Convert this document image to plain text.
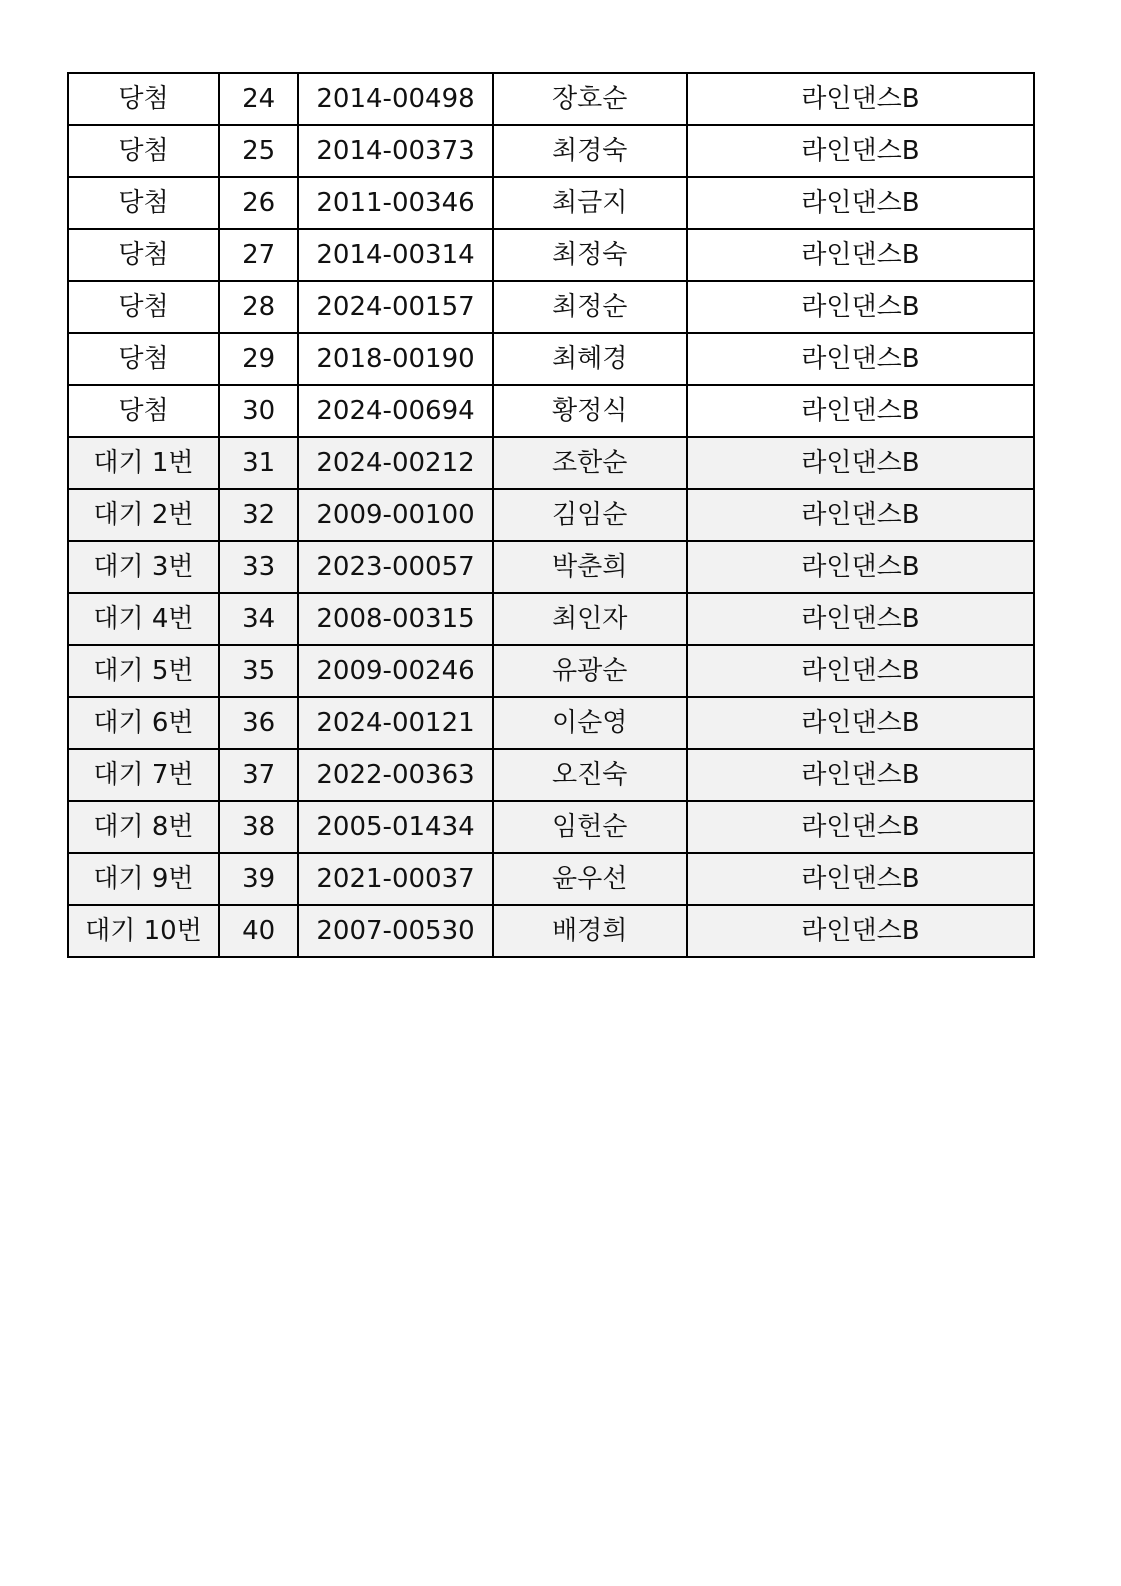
당첨	24	2014-00498	장호순	라인댄스B
당첨	25	2014-00373	최경숙	라인댄스B
당첨	26	2011-00346	최금지	라인댄스B
당첨	27	2014-00314	최정숙	라인댄스B
당첨	28	2024-00157	최정순	라인댄스B
당첨	29	2018-00190	최혜경	라인댄스B
당첨	30	2024-00694	황정식	라인댄스B
대기 1번	31	2024-00212	조한순	라인댄스B
대기 2번	32	2009-00100	김임순	라인댄스B
대기 3번	33	2023-00057	박춘희	라인댄스B
대기 4번	34	2008-00315	최인자	라인댄스B
대기 5번	35	2009-00246	유광순	라인댄스B
대기 6번	36	2024-00121	이순영	라인댄스B
대기 7번	37	2022-00363	오진숙	라인댄스B
대기 8번	38	2005-01434	임헌순	라인댄스B
대기 9번	39	2021-00037	윤우선	라인댄스B
대기 10번	40	2007-00530	배경희	라인댄스B
